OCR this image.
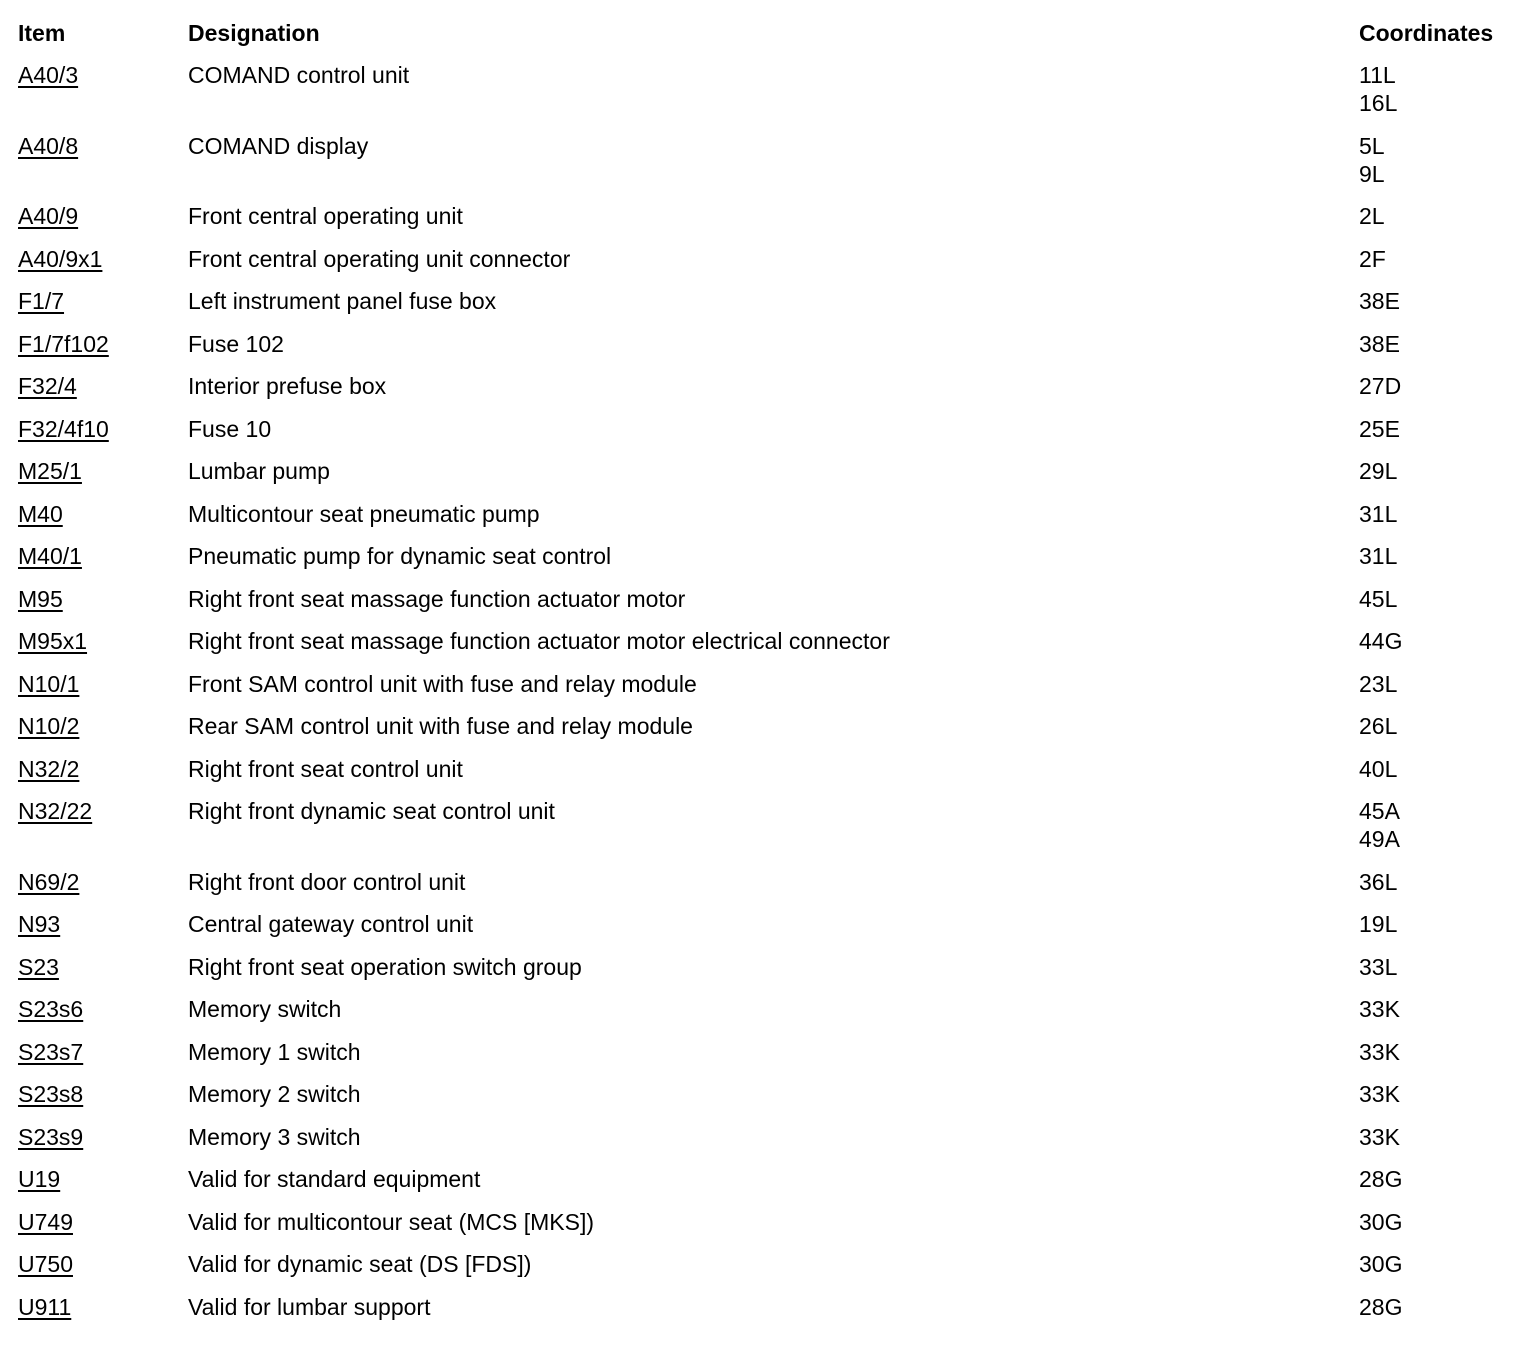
Item	Designation	Coordinates
A40/3	COMAND control unit	11L
16L
A40/8	COMAND display	5L
9L
A40/9	Front central operating unit	2L
A40/9x1	Front central operating unit connector	2F
F1/7	Left instrument panel fuse box	38E
F1/7f102	Fuse 102	38E
F32/4	Interior prefuse box	27D
F32/4f10	Fuse 10	25E
M25/1	Lumbar pump	29L
M40	Multicontour seat pneumatic pump	31L
M40/1	Pneumatic pump for dynamic seat control	31L
M95	Right front seat massage function actuator motor	45L
M95x1	Right front seat massage function actuator motor electrical connector	44G
N10/1	Front SAM control unit with fuse and relay module	23L
N10/2	Rear SAM control unit with fuse and relay module	26L
N32/2	Right front seat control unit	40L
N32/22	Right front dynamic seat control unit	45A
49A
N69/2	Right front door control unit	36L
N93	Central gateway control unit	19L
S23	Right front seat operation switch group	33L
S23s6	Memory switch	33K
S23s7	Memory 1 switch	33K
S23s8	Memory 2 switch	33K
S23s9	Memory 3 switch	33K
U19	Valid for standard equipment	28G
U749	Valid for multicontour seat (MCS [MKS])	30G
U750	Valid for dynamic seat (DS [FDS])	30G
U911	Valid for lumbar support	28G
